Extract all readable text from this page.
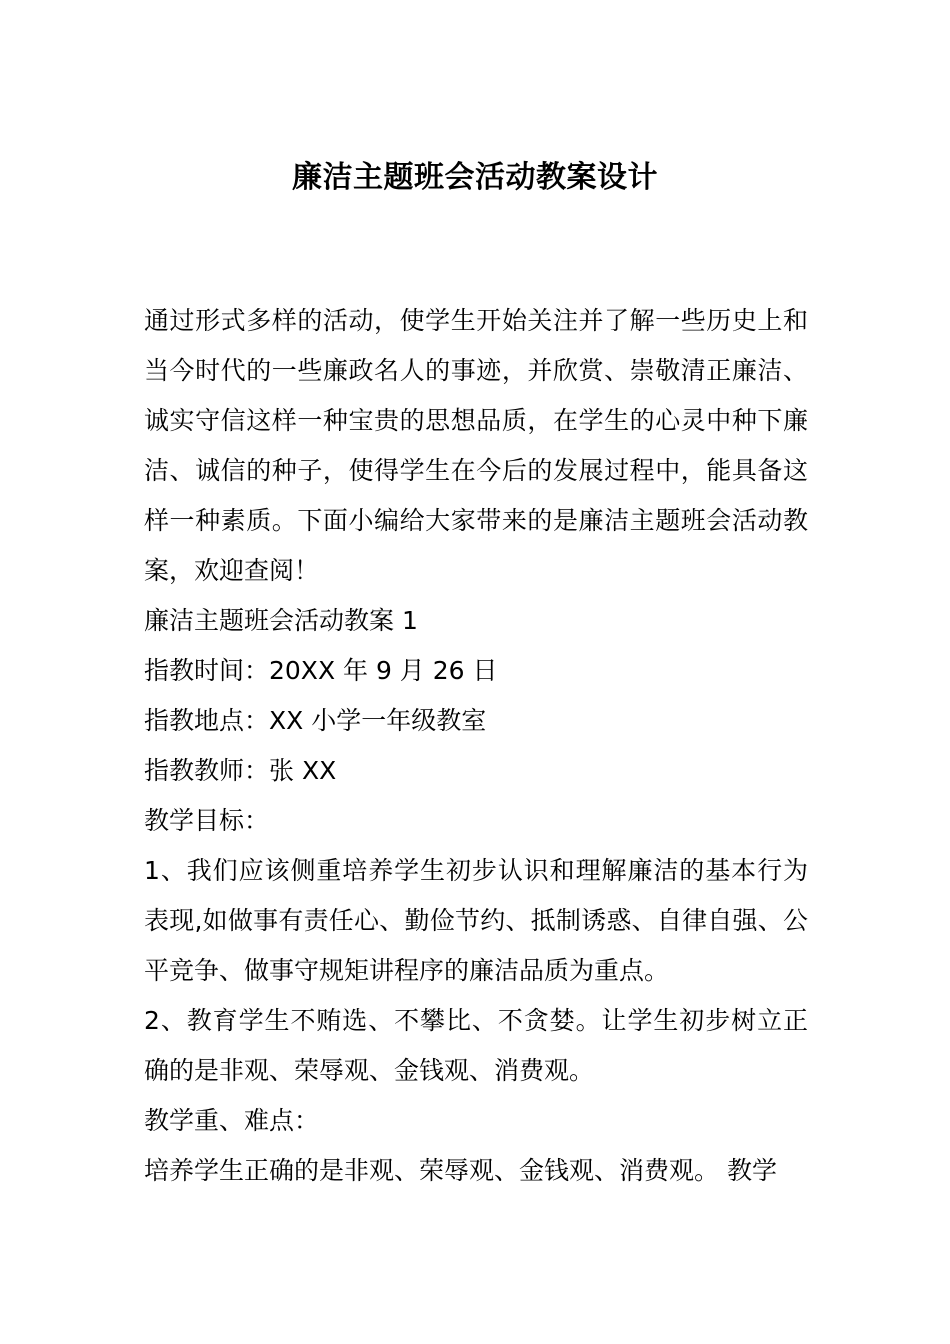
廉洁主题班会活动教案设计

通过形式多样的活动，使学生开始关注并了解一些历史上和当今时代的一些廉政名人的事迹，并欣赏、崇敬清正廉洁、诚实守信这样一种宝贵的思想品质，在学生的心灵中种下廉洁、诚信的种子，使得学生在今后的发展过程中，能具备这样一种素质。下面小编给大家带来的是廉洁主题班会活动教案，欢迎查阅！

廉洁主题班会活动教案 1

指教时间：20XX 年 9 月 26 日

指教地点：XX 小学一年级教室

指教教师：张 XX

教学目标：

1、我们应该侧重培养学生初步认识和理解廉洁的基本行为表现,如做事有责任心、勤俭节约、抵制诱惑、自律自强、公平竞争、做事守规矩讲程序的廉洁品质为重点。

2、教育学生不贿选、不攀比、不贪婪。让学生初步树立正确的是非观、荣辱观、金钱观、消费观。

教学重、难点：

培养学生正确的是非观、荣辱观、金钱观、消费观。 教学
